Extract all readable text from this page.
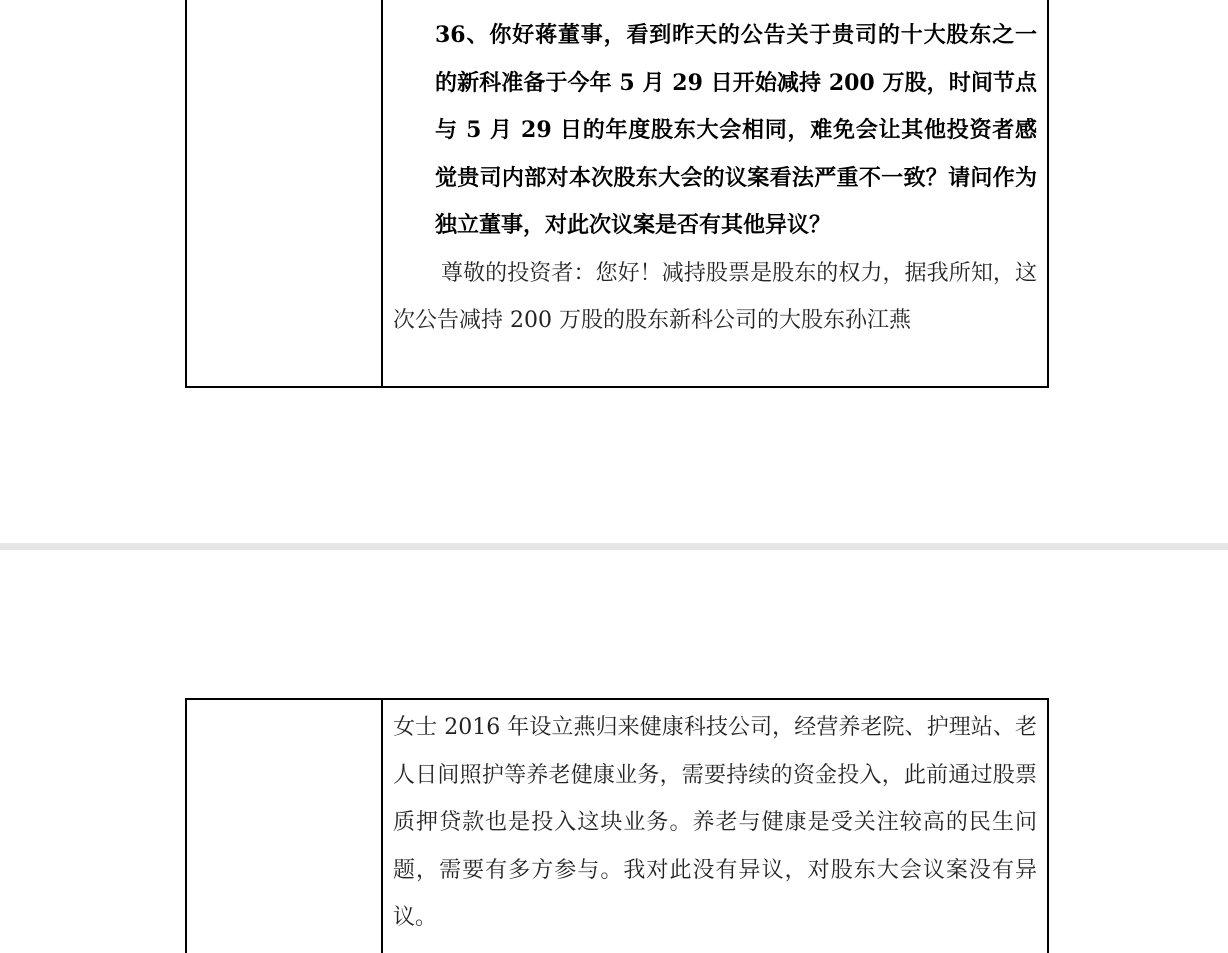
36、你好蒋董事，看到昨天的公告关于贵司的十大股东之一的新科准备于今年 5 月 29 日开始减持 200 万股，时间节点与 5 月 29 日的年度股东大会相同，难免会让其他投资者感觉贵司内部对本次股东大会的议案看法严重不一致？请问作为独立董事，对此次议案是否有其他异议？

尊敬的投资者：您好！减持股票是股东的权力，据我所知，这次公告减持 200 万股的股东新科公司的大股东孙江燕

女士 2016 年设立燕归来健康科技公司，经营养老院、护理站、老人日间照护等养老健康业务，需要持续的资金投入，此前通过股票质押贷款也是投入这块业务。养老与健康是受关注较高的民生问题，需要有多方参与。我对此没有异议，对股东大会议案没有异议。
